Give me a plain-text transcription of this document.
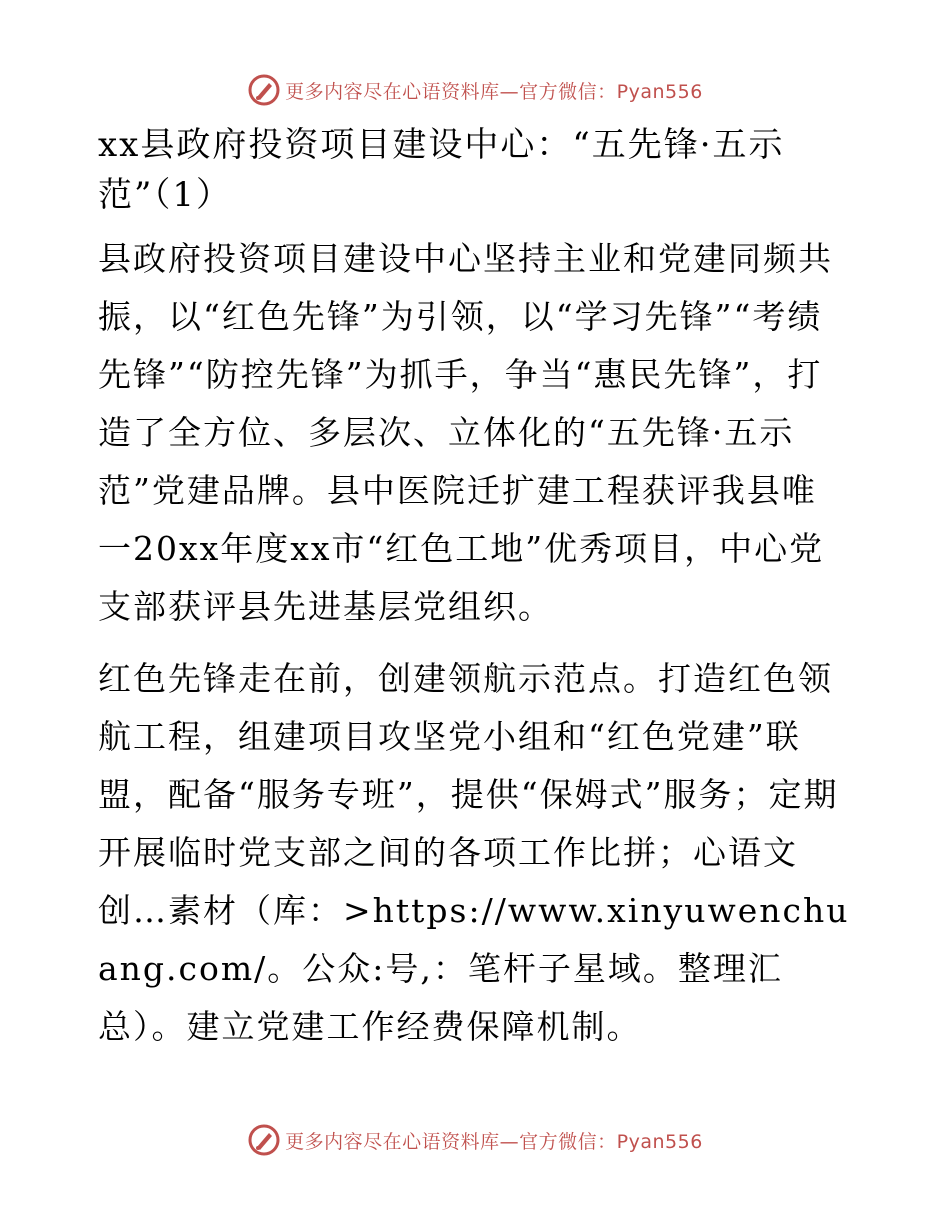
更多内容尽在心语资料库—官方微信：Pyan556
xx县政府投资项目建设中心：“五先锋·五示范”（1）

县政府投资项目建设中心坚持主业和党建同频共振，以“红色先锋”为引领，以“学习先锋”“考绩先锋”“防控先锋”为抓手，争当“惠民先锋”，打造了全方位、多层次、立体化的“五先锋·五示范”党建品牌。县中医院迁扩建工程获评我县唯一20xx年度xx市“红色工地”优秀项目，中心党支部获评县先进基层党组织。

红色先锋走在前，创建领航示范点。打造红色领航工程，组建项目攻坚党小组和“红色党建”联盟，配备“服务专班”，提供“保姆式”服务；定期开展临时党支部之间的各项工作比拼；心语文创…素材（库：>https://www.xinyuwenchuang.com/。公众:号,：笔杆子星域。整理汇总）。建立党建工作经费保障机制。

更多内容尽在心语资料库—官方微信：Pyan556
